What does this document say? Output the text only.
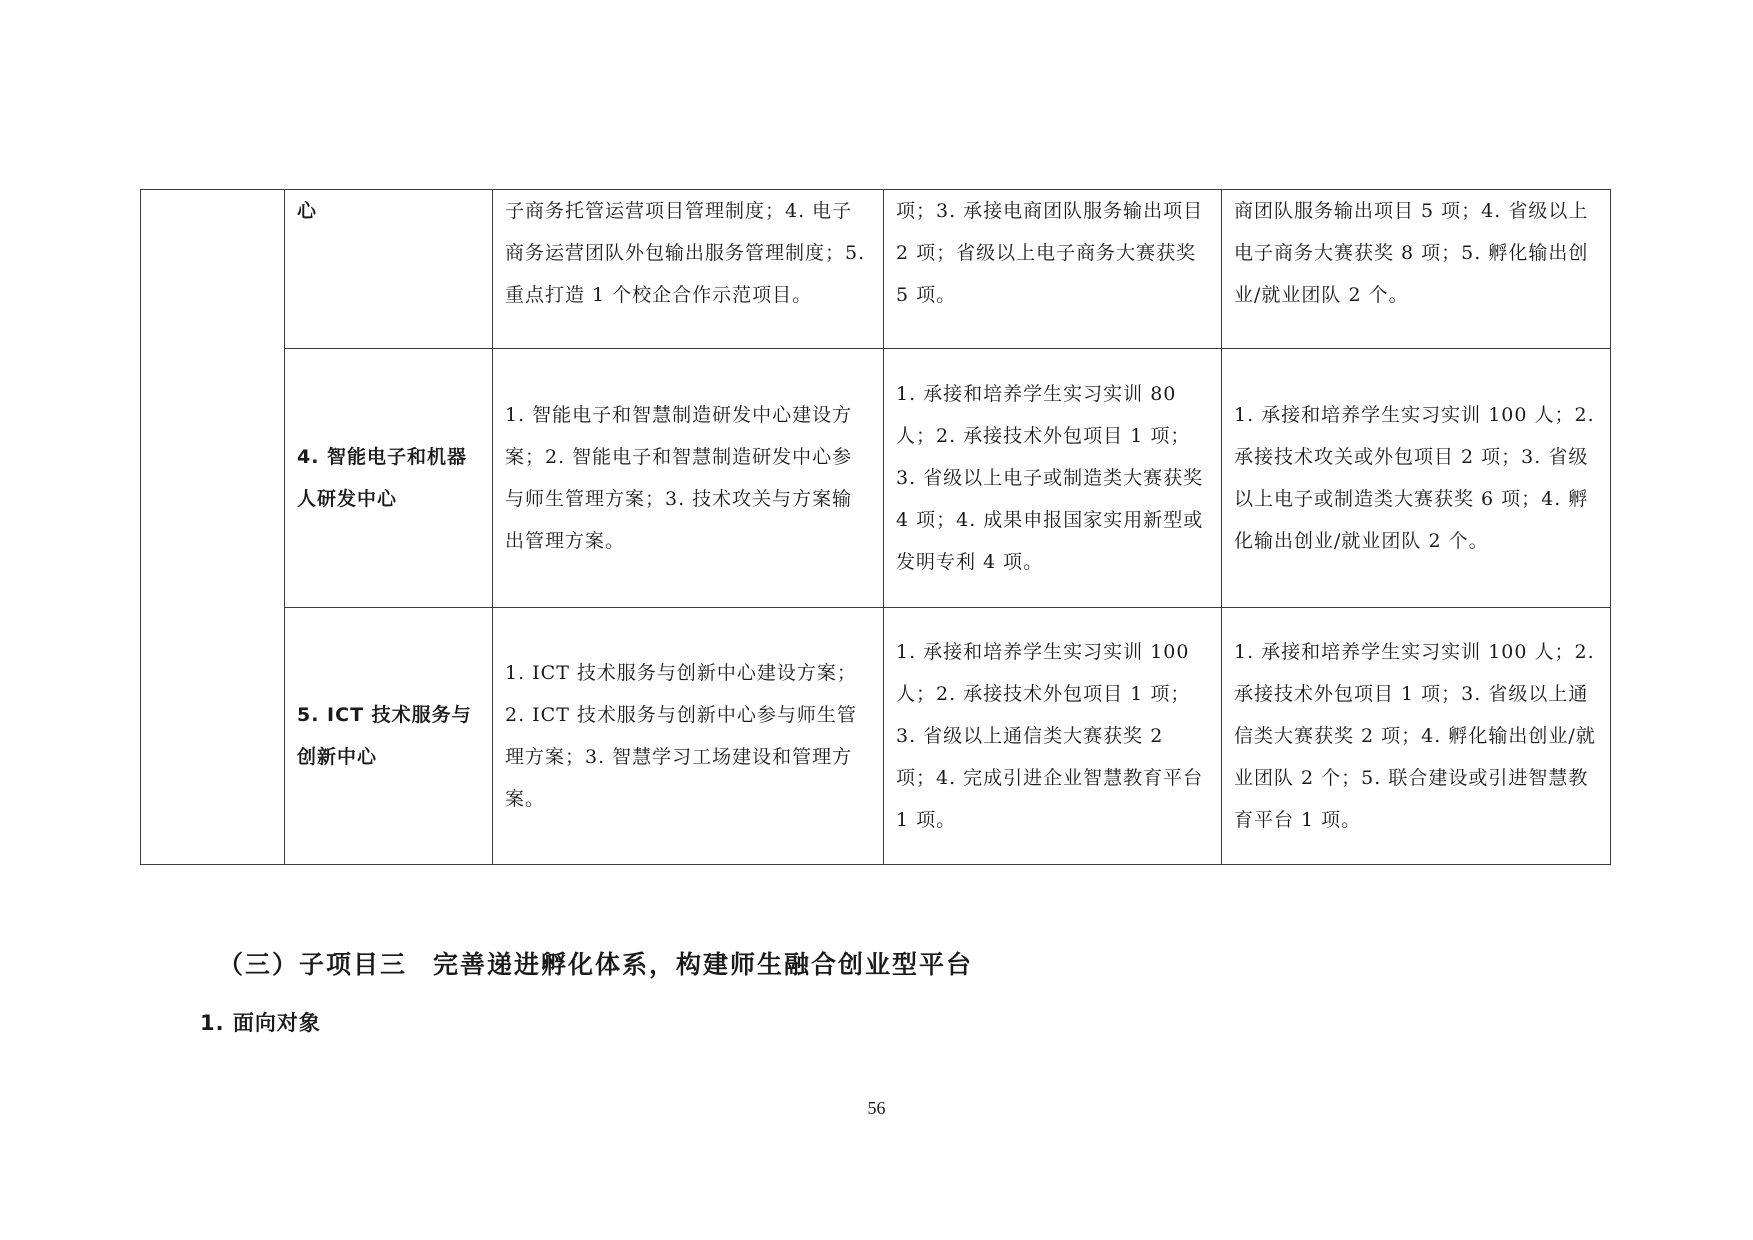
	心	子商务托管运营项目管理制度；4. 电子商务运营团队外包输出服务管理制度；5. 重点打造 1 个校企合作示范项目。	项；3. 承接电商团队服务输出项目 2 项；省级以上电子商务大赛获奖 5 项。	商团队服务输出项目 5 项；4. 省级以上电子商务大赛获奖 8 项；5. 孵化输出创业/就业团队 2 个。
	4. 智能电子和机器人研发中心	1. 智能电子和智慧制造研发中心建设方案；2. 智能电子和智慧制造研发中心参与师生管理方案；3. 技术攻关与方案输出管理方案。	1. 承接和培养学生实习实训 80 人；2. 承接技术外包项目 1 项；3. 省级以上电子或制造类大赛获奖 4 项；4. 成果申报国家实用新型或发明专利 4 项。	1. 承接和培养学生实习实训 100 人；2. 承接技术攻关或外包项目 2 项；3. 省级以上电子或制造类大赛获奖 6 项；4. 孵化输出创业/就业团队 2 个。
	5. ICT 技术服务与创新中心	1. ICT 技术服务与创新中心建设方案；2. ICT 技术服务与创新中心参与师生管理方案；3. 智慧学习工场建设和管理方案。	1. 承接和培养学生实习实训 100 人；2. 承接技术外包项目 1 项；3. 省级以上通信类大赛获奖 2 项；4. 完成引进企业智慧教育平台 1 项。	1. 承接和培养学生实习实训 100 人；2. 承接技术外包项目 1 项；3. 省级以上通信类大赛获奖 2 项；4. 孵化输出创业/就业团队 2 个；5. 联合建设或引进智慧教育平台 1 项。
（三）子项目三 完善递进孵化体系，构建师生融合创业型平台
1. 面向对象
56
